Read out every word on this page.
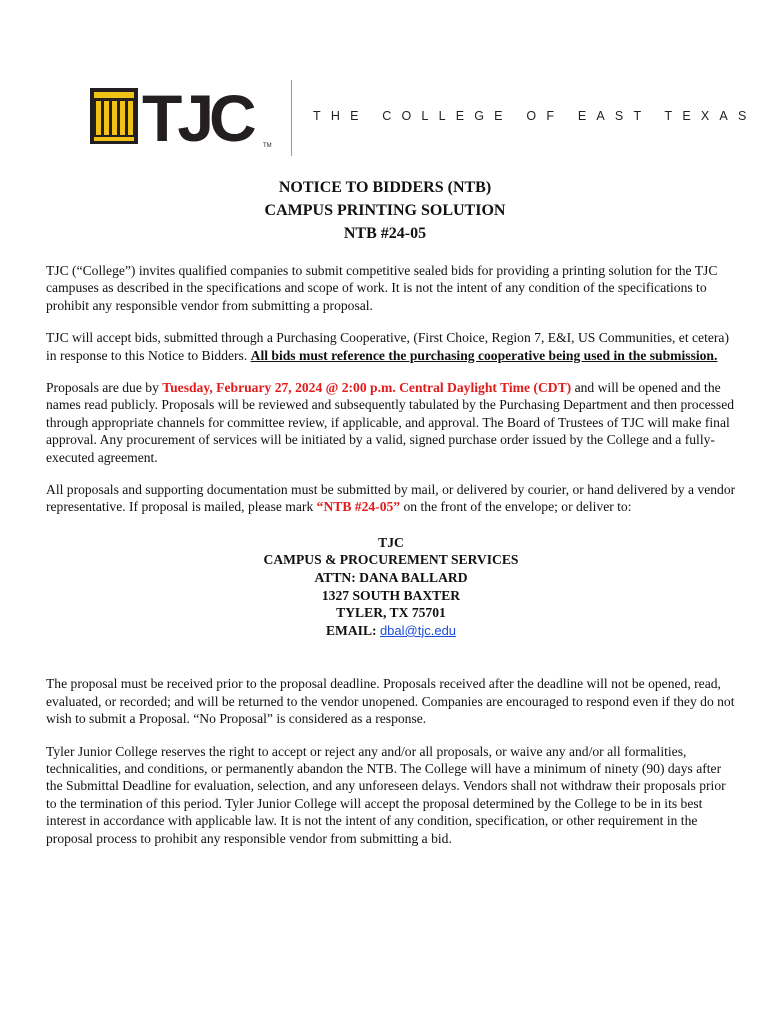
TJC	TM
THE COLLEGE OF EAST TEXAS

NOTICE TO BIDDERS (NTB)

CAMPUS PRINTING SOLUTION

NTB #24-05

TJC (“College”) invites qualified companies to submit competitive sealed bids for providing a printing solution for the TJC campuses as described in the specifications and scope of work. It is not the intent of any condition of the specifications to prohibit any responsible vendor from submitting a proposal.

TJC will accept bids, submitted through a Purchasing Cooperative, (First Choice, Region 7, E&I, US Communities, et cetera) in response to this Notice to Bidders. All bids must reference the purchasing cooperative being used in the submission.

Proposals are due by Tuesday, February 27, 2024 @ 2:00 p.m. Central Daylight Time (CDT) and will be opened and the names read publicly. Proposals will be reviewed and subsequently tabulated by the Purchasing Department and then processed through appropriate channels for committee review, if applicable, and approval. The Board of Trustees of TJC will make final approval. Any procurement of services will be initiated by a valid, signed purchase order issued by the College and a fully-executed agreement.

All proposals and supporting documentation must be submitted by mail, or delivered by courier, or hand delivered by a vendor representative. If proposal is mailed, please mark “NTB #24-05” on the front of the envelope; or deliver to:

TJC
CAMPUS & PROCUREMENT SERVICES
ATTN: DANA BALLARD
1327 SOUTH BAXTER
TYLER, TX 75701
EMAIL: dbal@tjc.edu

The proposal must be received prior to the proposal deadline. Proposals received after the deadline will not be opened, read, evaluated, or recorded; and will be returned to the vendor unopened. Companies are encouraged to respond even if they do not wish to submit a Proposal. “No Proposal” is considered as a response.

Tyler Junior College reserves the right to accept or reject any and/or all proposals, or waive any and/or all formalities, technicalities, and conditions, or permanently abandon the NTB. The College will have a minimum of ninety (90) days after the Submittal Deadline for evaluation, selection, and any unforeseen delays. Vendors shall not withdraw their proposals prior to the termination of this period. Tyler Junior College will accept the proposal determined by the College to be in its best interest in accordance with applicable law. It is not the intent of any condition, specification, or other requirement in the proposal process to prohibit any responsible vendor from submitting a bid.
